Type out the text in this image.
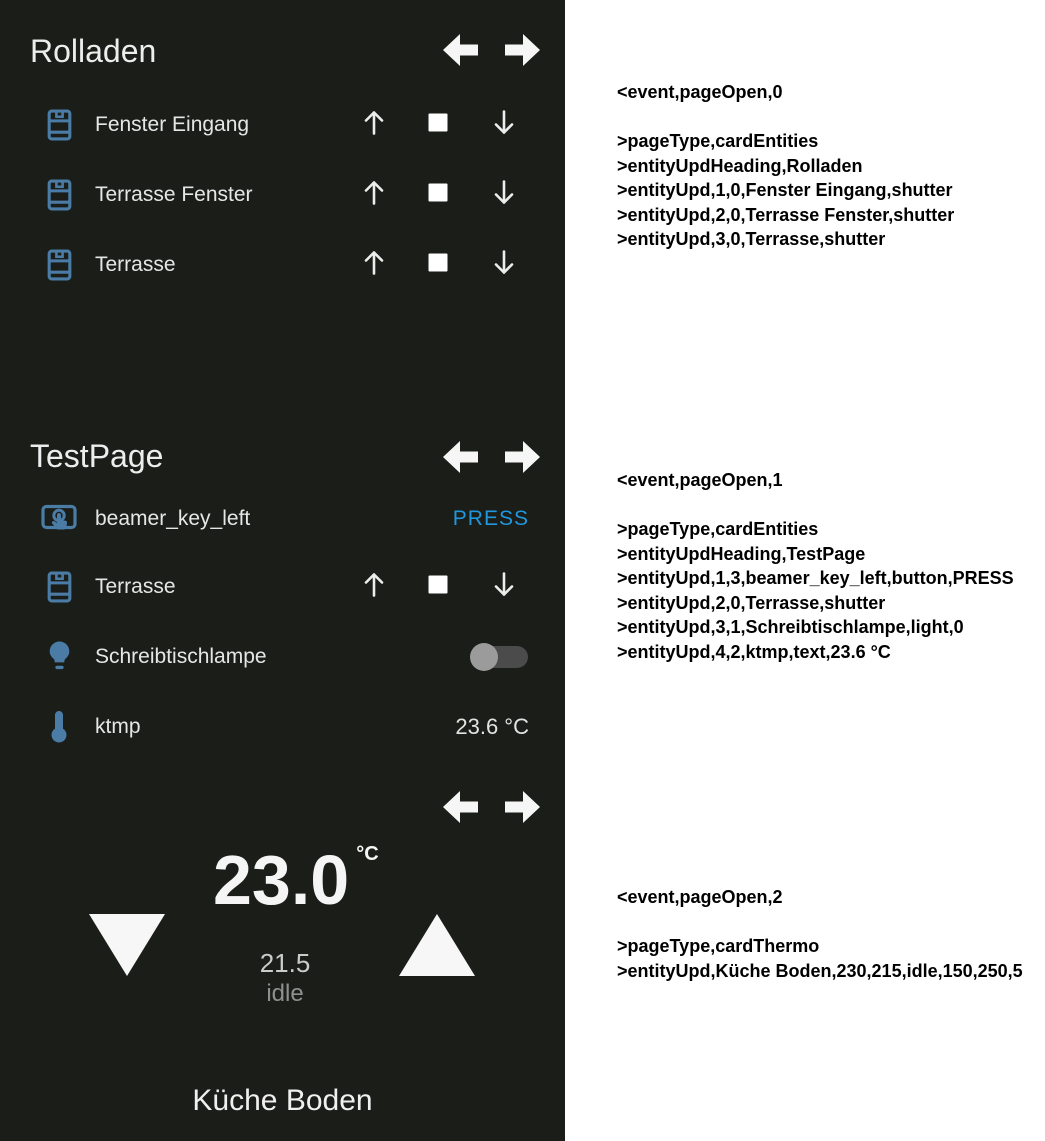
Rolladen
Fenster Eingang
Terrasse Fenster
Terrasse
TestPage
beamer_key_left	PRESS
Terrasse
Schreibtischlampe
ktmp	23.6 °C
23.0 $^{^\circ C}$
21.5
idle
Küche Boden
<event,pageOpen,0
>pageType,cardEntities
>entityUpdHeading,Rolladen
>entityUpd,1,0,Fenster Eingang,shutter
>entityUpd,2,0,Terrasse Fenster,shutter
>entityUpd,3,0,Terrasse,shutter
<event,pageOpen,1
>pageType,cardEntities
>entityUpdHeading,TestPage
>entityUpd,1,3,beamer_key_left,button,PRESS
>entityUpd,2,0,Terrasse,shutter
>entityUpd,3,1,Schreibtischlampe,light,0
>entityUpd,4,2,ktmp,text,23.6 °C
<event,pageOpen,2
>pageType,cardThermo
>entityUpd,Küche Boden,230,215,idle,150,250,5
